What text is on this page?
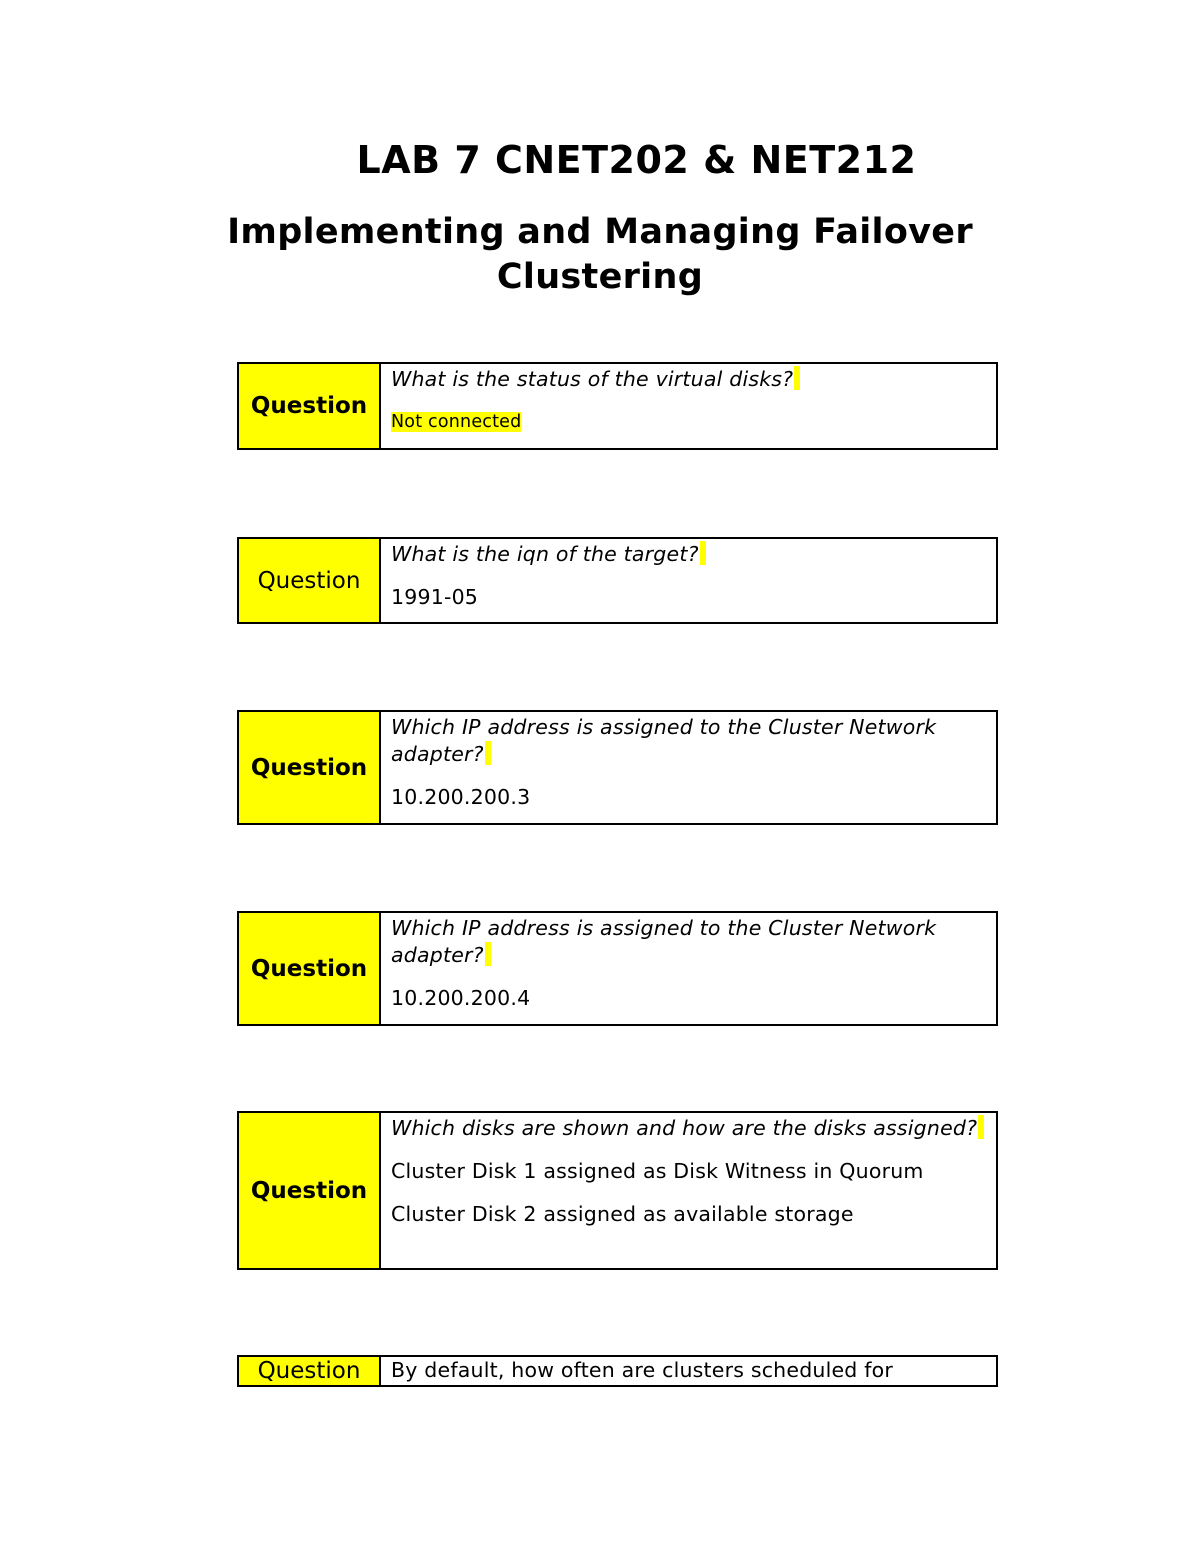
LAB 7 CNET202 & NET212
Implementing and Managing Failover Clustering
Question

What is the status of the virtual disks?

Not connected

Question

What is the iqn of the target?

1991-05

Question

Which IP address is assigned to the Cluster Network adapter?

10.200.200.3

Question

Which IP address is assigned to the Cluster Network adapter?

10.200.200.4

Question

Which disks are shown and how are the disks assigned?

Cluster Disk 1 assigned as Disk Witness in Quorum

Cluster Disk 2 assigned as available storage

Question	By default, how often are clusters scheduled for
